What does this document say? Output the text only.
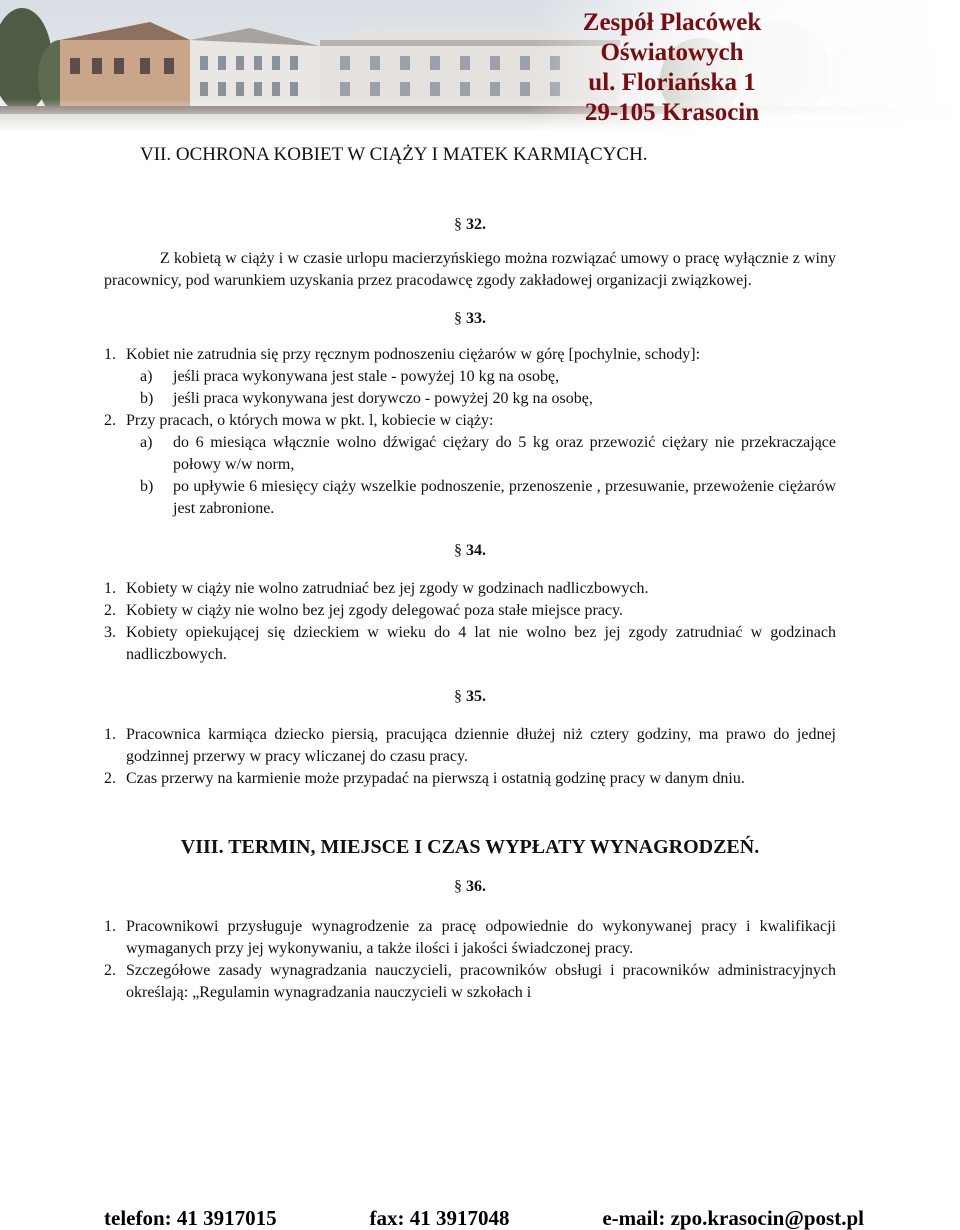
Zespół Placówek Oświatowych
ul. Floriańska 1
29-105 Krasocin
VII. OCHRONA KOBIET W CIĄŻY I MATEK KARMIĄCYCH.
§ 32.

Z kobietą w ciąży i w czasie urlopu macierzyńskiego można rozwiązać umowy o pracę wyłącznie z winy pracownicy, pod warunkiem uzyskania przez pracodawcę zgody zakładowej organizacji związkowej.

§ 33.
1. Kobiet nie zatrudnia się przy ręcznym podnoszeniu ciężarów w górę [pochylnie, schody]:
a) jeśli praca wykonywana jest stale - powyżej 10 kg na osobę,
b) jeśli praca wykonywana jest dorywczo - powyżej 20 kg na osobę,
2. Przy pracach, o których mowa w pkt. l, kobiecie w ciąży:
a) do 6 miesiąca włącznie wolno dźwigać ciężary do 5 kg oraz przewozić ciężary nie przekraczające połowy w/w norm,
b) po upływie 6 miesięcy ciąży wszelkie podnoszenie, przenoszenie , przesuwanie, przewożenie ciężarów jest zabronione.
§ 34.
1. Kobiety w ciąży nie wolno zatrudniać bez jej zgody w godzinach nadliczbowych.
2. Kobiety w ciąży nie wolno bez jej zgody delegować poza stałe miejsce pracy.
3. Kobiety opiekującej się dzieckiem w wieku do 4 lat nie wolno bez jej zgody zatrudniać w godzinach nadliczbowych.
§ 35.
1. Pracownica karmiąca dziecko piersią, pracująca dziennie dłużej niż cztery godziny, ma prawo do jednej godzinnej przerwy w pracy wliczanej do czasu pracy.
2. Czas przerwy na karmienie może przypadać na pierwszą i ostatnią godzinę pracy w danym dniu.
VIII. TERMIN, MIEJSCE I CZAS WYPŁATY WYNAGRODZEŃ.
§ 36.
1. Pracownikowi przysługuje wynagrodzenie za pracę odpowiednie do wykonywanej pracy i kwalifikacji wymaganych przy jej wykonywaniu, a także ilości i jakości świadczonej pracy.
2. Szczegółowe zasady wynagradzania nauczycieli, pracowników obsługi i pracowników administracyjnych określają: „Regulamin wynagradzania nauczycieli w szkołach i
telefon: 41 3917015	fax: 41 3917048	e-mail: zpo.krasocin@post.pl
